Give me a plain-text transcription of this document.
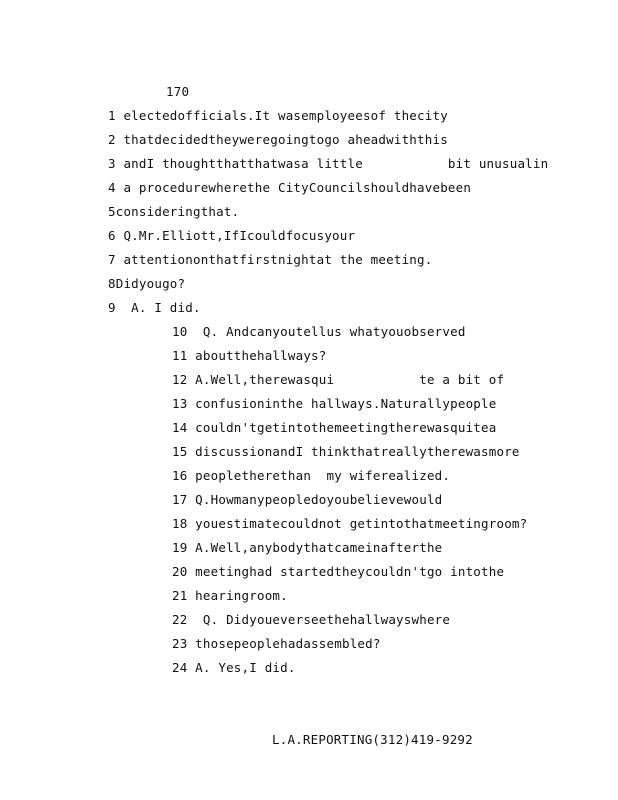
170
1 electedofficials.It wasemployeesof thecity
2 thatdecidedtheyweregoingtogo aheadwiththis
3 andI thoughtthatthatwasa little           bit unusualin
4 a procedurewherethe CityCouncilshouldhavebeen
5consideringthat.
6 Q.Mr.Elliott,IfIcouldfocusyour
7 attentiononthatfirstnightat the meeting.
8Didyougo?
9  A. I did.
10  Q. Andcanyoutellus whatyouobserved
11 aboutthehallways?
12 A.Well,therewasqui           te a bit of
13 confusioninthe hallways.Naturallypeople
14 couldn'tgetintothemeetingtherewasquitea
15 discussionandI thinkthatreallytherewasmore
16 peopletherethan  my wiferealized.
17 Q.Howmanypeopledoyoubelievewould
18 youestimatecouldnot getintothatmeetingroom?
19 A.Well,anybodythatcameinafterthe
20 meetinghad startedtheycouldn'tgo intothe
21 hearingroom.
22  Q. Didyoueverseethehallwayswhere
23 thosepeoplehadassembled?
24 A. Yes,I did.
L.A.REPORTING(312)419-9292
